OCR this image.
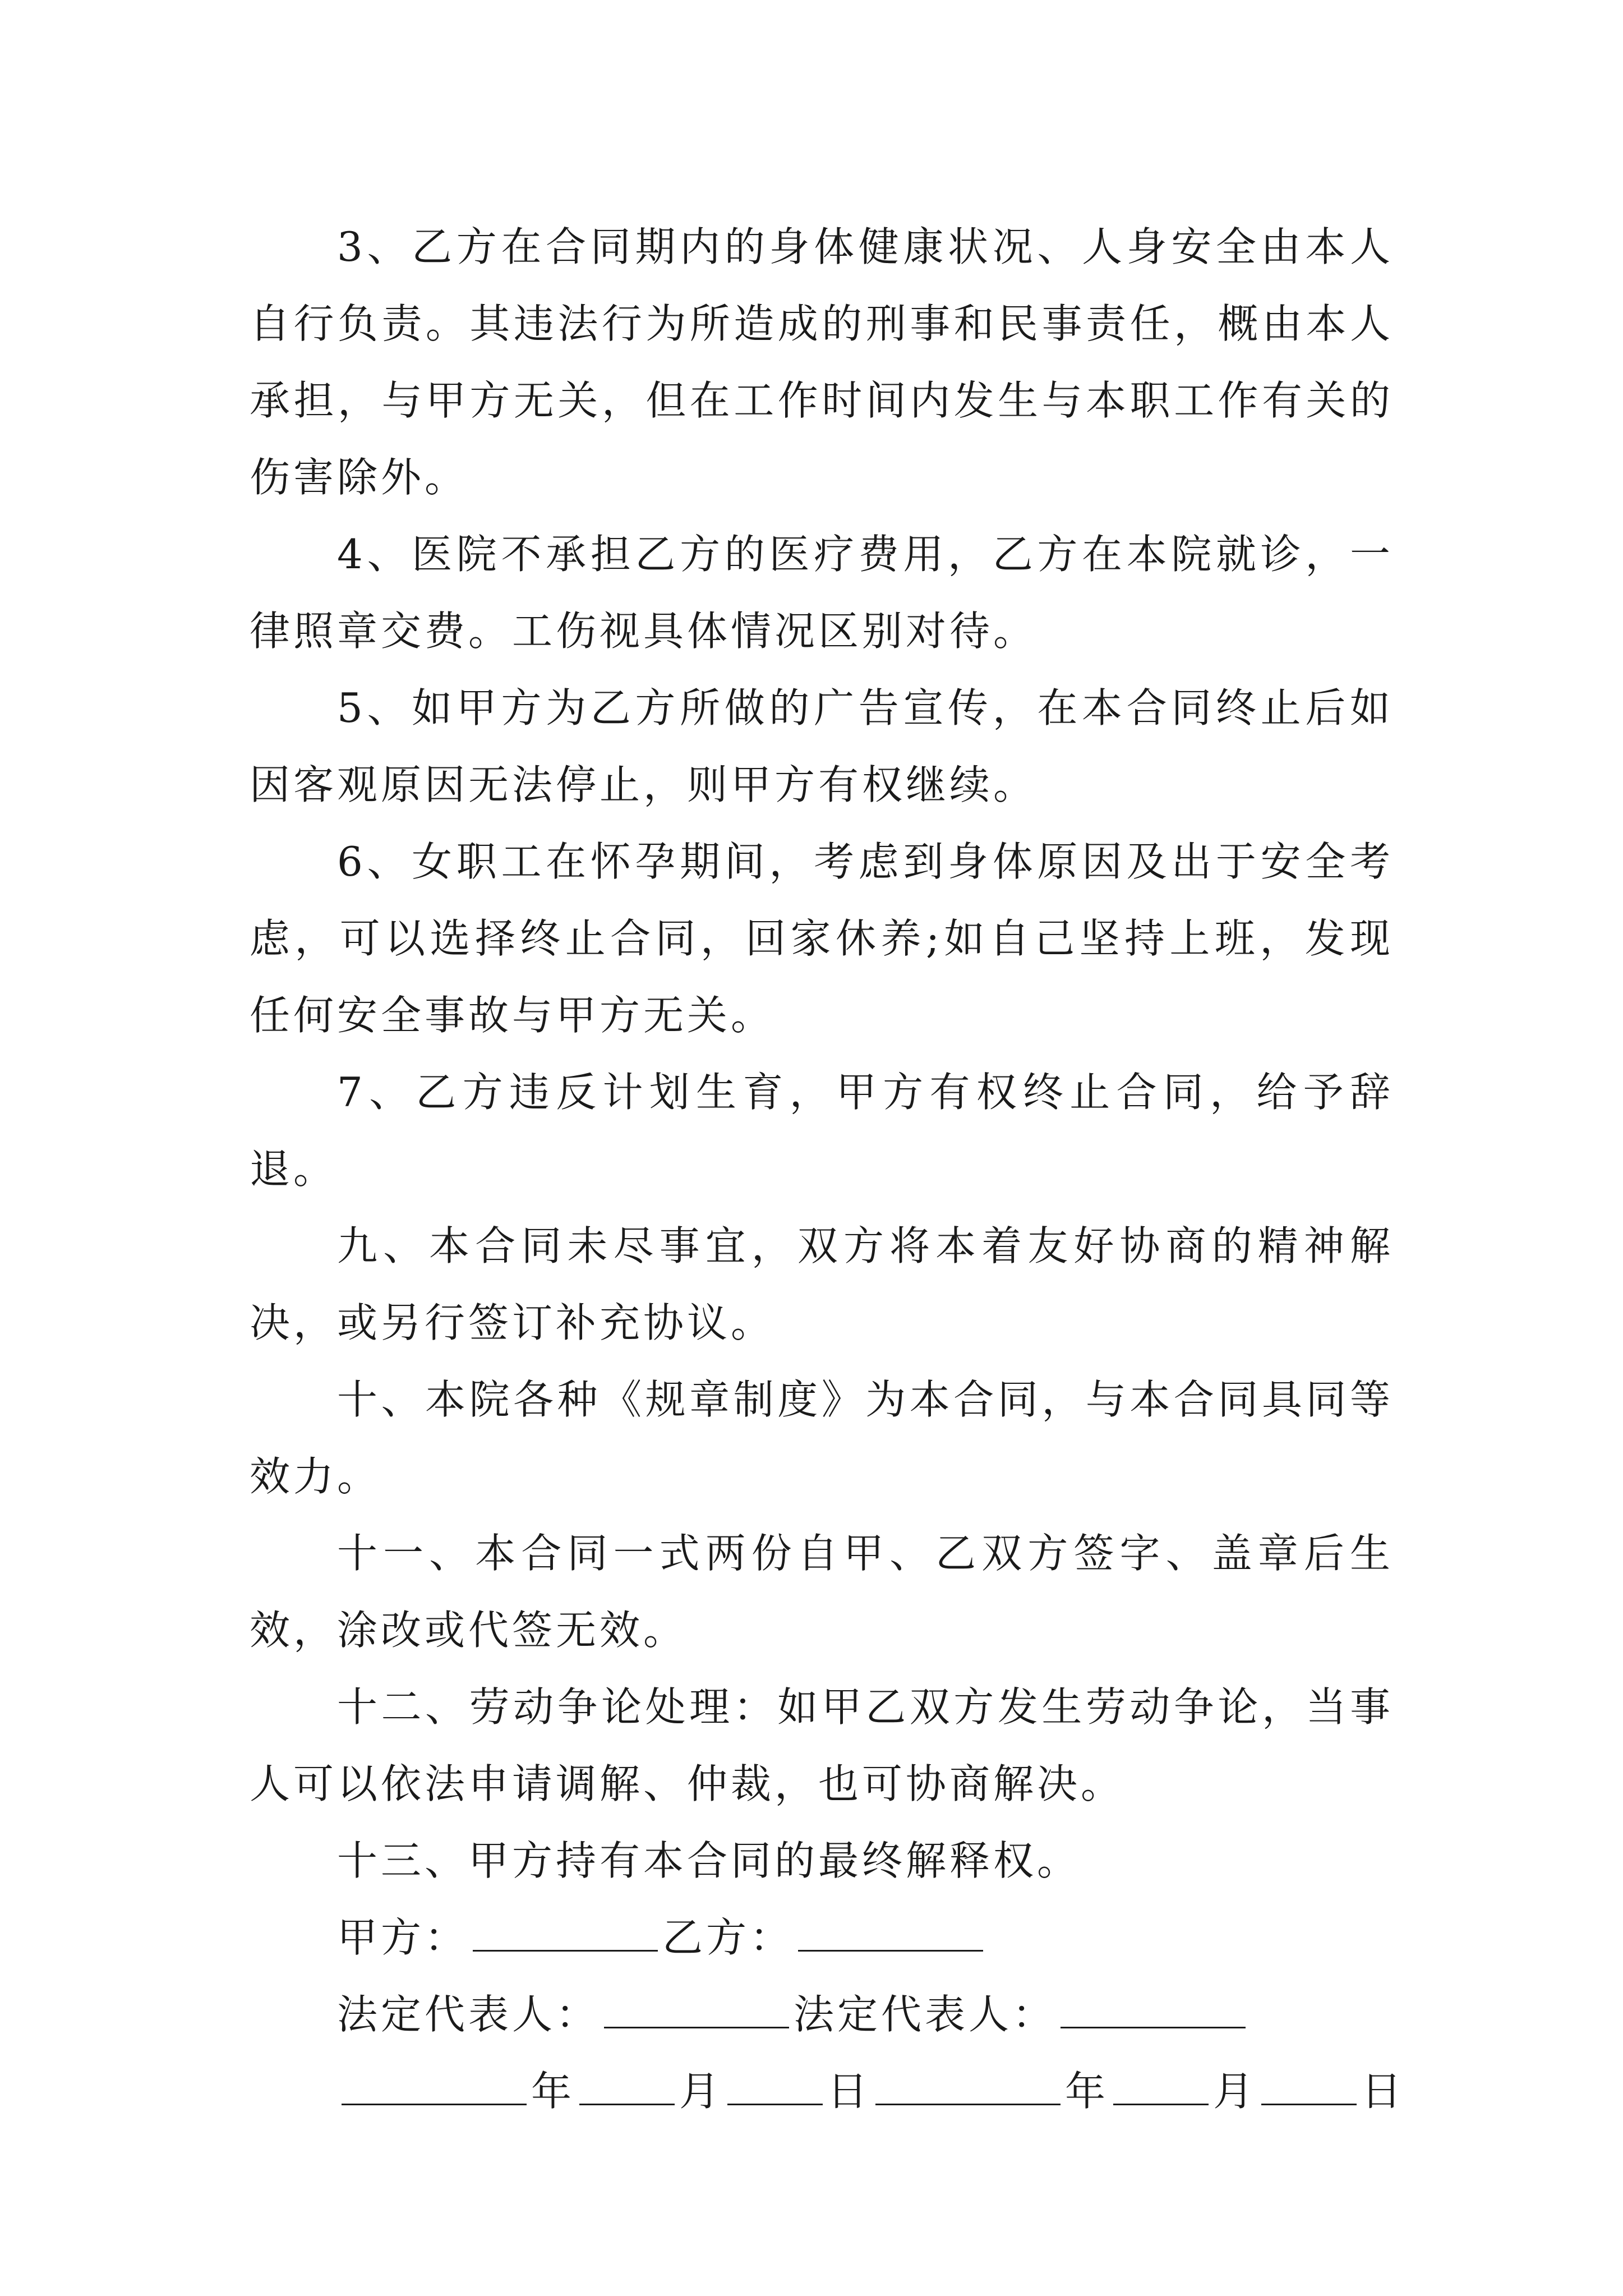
3、乙方在合同期内的身体健康状况、人身安全由本人自行负责。其违法行为所造成的刑事和民事责任，概由本人承担，与甲方无关，但在工作时间内发生与本职工作有关的伤害除外。

4、医院不承担乙方的医疗费用，乙方在本院就诊，一律照章交费。工伤视具体情况区别对待。

5、如甲方为乙方所做的广告宣传，在本合同终止后如因客观原因无法停止，则甲方有权继续。

6、女职工在怀孕期间，考虑到身体原因及出于安全考虑，可以选择终止合同，回家休养;如自己坚持上班，发现任何安全事故与甲方无关。

7、乙方违反计划生育，甲方有权终止合同，给予辞退。

九、本合同未尽事宜，双方将本着友好协商的精神解决，或另行签订补充协议。

十、本院各种《规章制度》为本合同，与本合同具同等效力。

十一、本合同一式两份自甲、乙双方签字、盖章后生效，涂改或代签无效。

十二、劳动争论处理：如甲乙双方发生劳动争论，当事人可以依法申请调解、仲裁，也可协商解决。

十三、甲方持有本合同的最终解释权。

甲方：	乙方：

法定代表人：	法定代表人：

年	月	日	年	月	日
